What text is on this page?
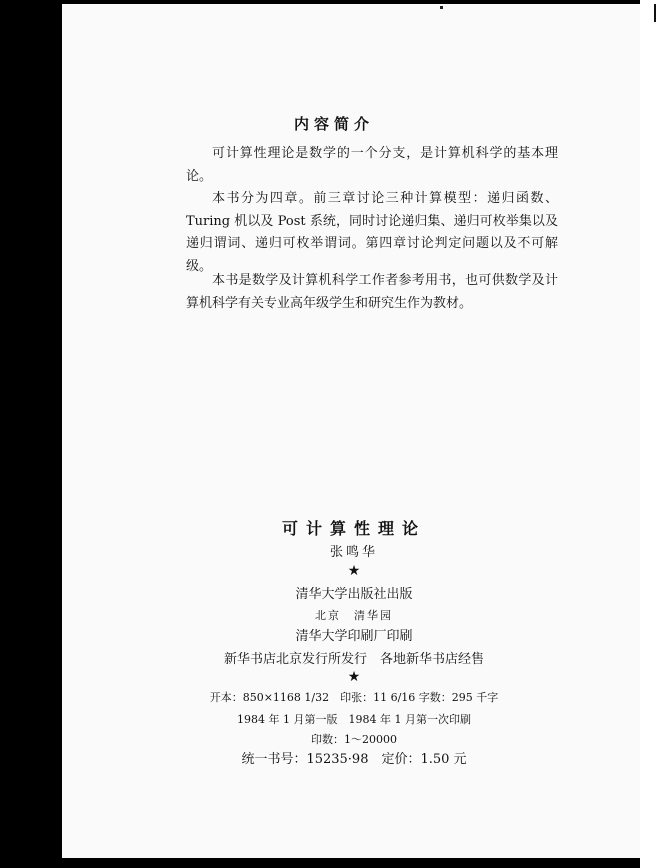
内容简介

可计算性理论是数学的一个分支，是计算机科学的基本理论。

本书分为四章。前三章讨论三种计算模型：递归函数、Turing 机以及 Post 系统，同时讨论递归集、递归可枚举集以及递归谓词、递归可枚举谓词。第四章讨论判定问题以及不可解级。

本书是数学及计算机科学工作者参考用书，也可供数学及计算机科学有关专业高年级学生和研究生作为教材。

可计算性理论
张鸣华
★
清华大学出版社出版
北京　清华园
清华大学印刷厂印刷
新华书店北京发行所发行　各地新华书店经售
★
开本：850×1168 1/32　印张：11 6/16 字数：295 千字
1984 年 1 月第一版　1984 年 1 月第一次印刷
印数：1～20000
统一书号：15235·98　定价：1.50 元
